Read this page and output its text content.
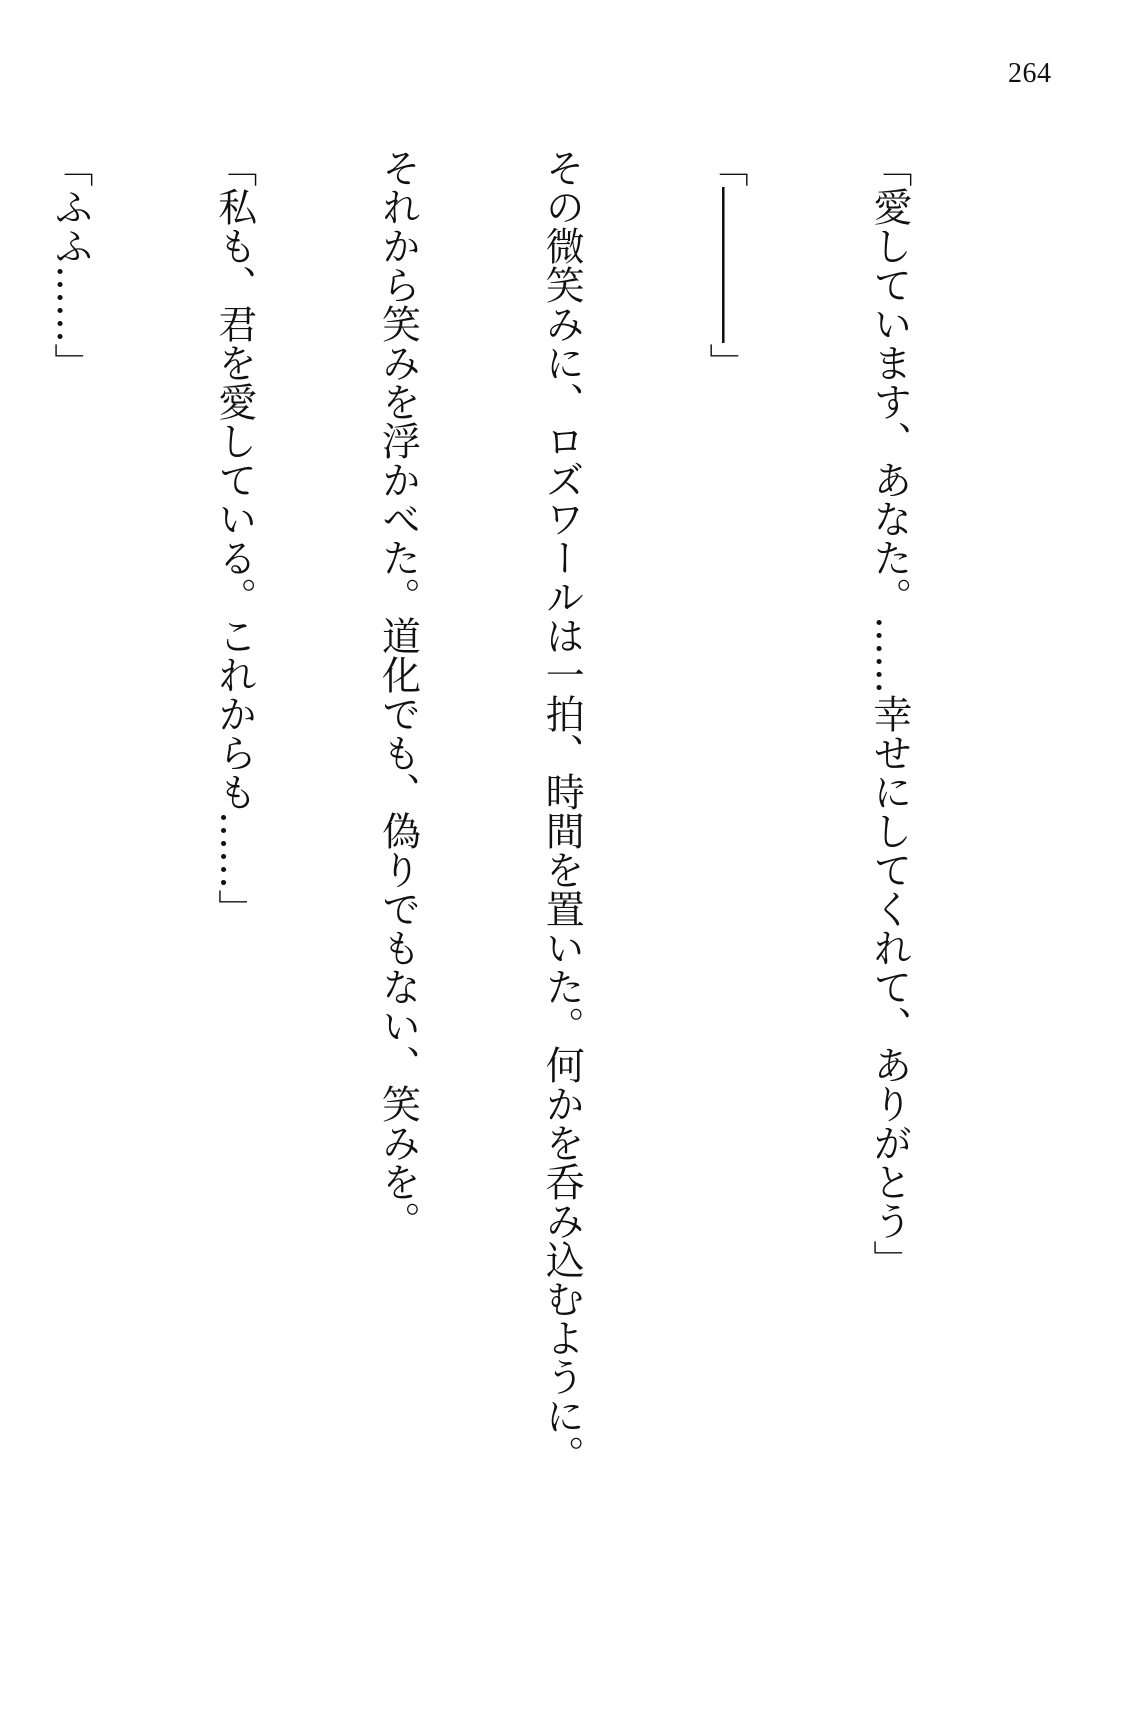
264

「愛しています、あなた。……幸せにしてくれて、ありがとう」

「――――」

その微笑みに、ロズワールは一拍、時間を置いた。何かを呑み込むように。

それから笑みを浮かべた。道化でも、偽りでもない、笑みを。

「私も、君を愛している。これからも……」

「ふふ……」
